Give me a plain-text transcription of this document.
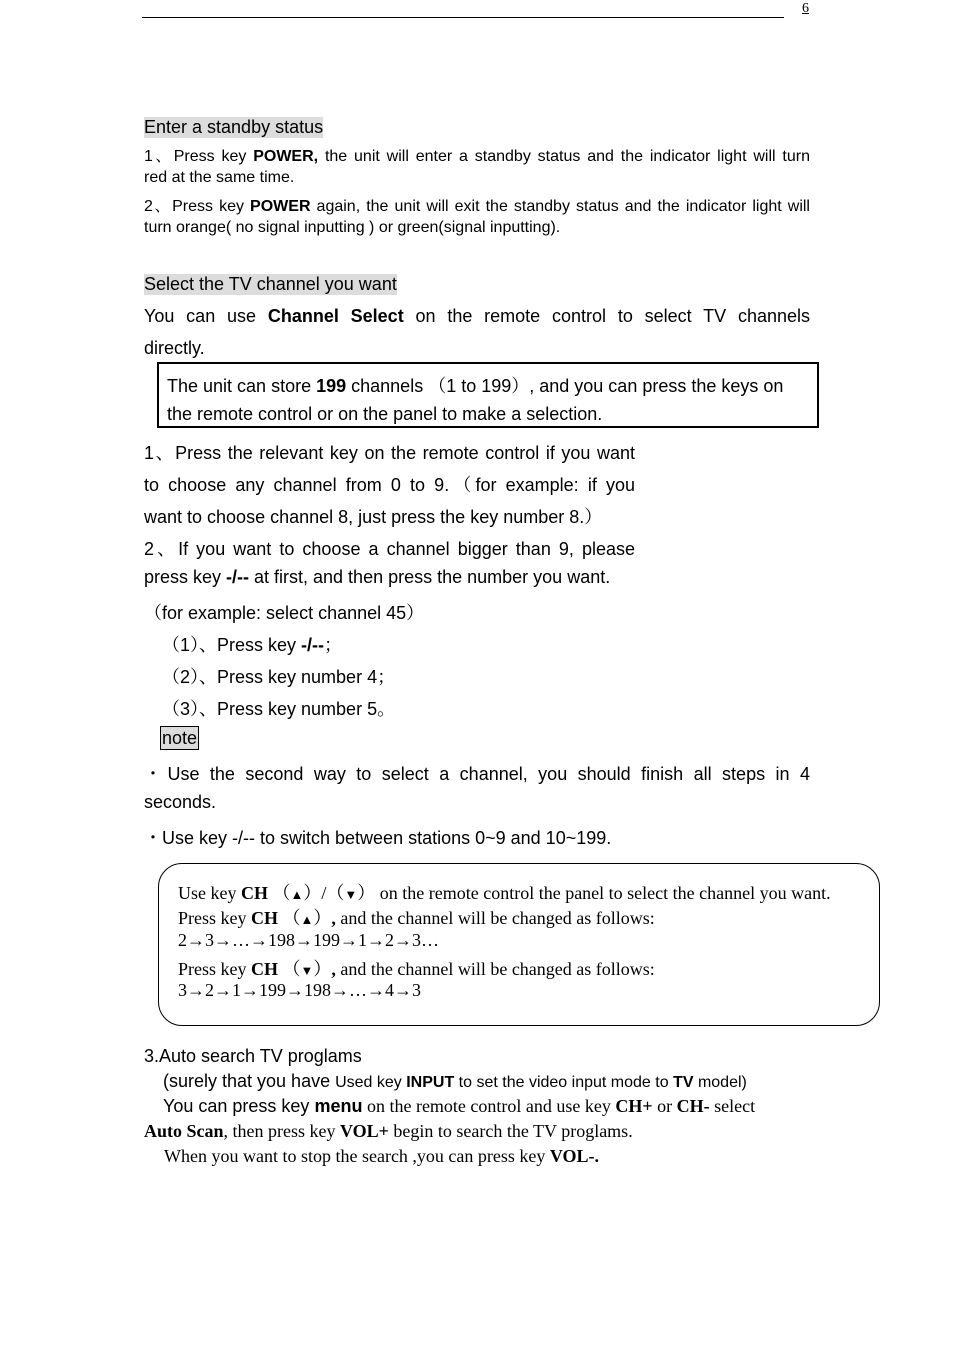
6
Enter a standby status
1、Press key POWER, the unit will enter a standby status and the indicator light will turn
red at the same time.
2、Press key POWER again, the unit will exit the standby status and the indicator light will
turn orange( no signal inputting ) or green(signal inputting).
Select the TV channel you want
You can use Channel Select on the remote control to select TV channels
directly.
The unit can store 199 channels （1 to 199）, and you can press the keys on
the remote control or on the panel to make a selection.
1、Press the relevant key on the remote control if you want
to choose any channel from 0 to 9.（for example: if you
want to choose channel 8, just press the key number 8.）
2、If you want to choose a channel bigger than 9, please
press key -/-- at first, and then press the number you want.
（for example: select channel 45）
（1）、Press key -/--；
（2）、Press key number 4；
（3）、Press key number 5。
note
・Use the second way to select a channel, you should finish all steps in 4
seconds.
・Use key -/-- to switch between stations 0~9 and 10~199.
Use key CH （▲）/（▼） on the remote control the panel to select the channel you want.
Press key CH （▲）, and the channel will be changed as follows:
2→3→…→198→199→1→2→3…
Press key CH （▼）, and the channel will be changed as follows:
3→2→1→199→198→…→4→3
3.Auto search TV proglams
(surely that you have Used key INPUT to set the video input mode to TV model)
You can press key menu on the remote control and use key CH+ or CH- select
Auto Scan, then press key VOL+ begin to search the TV proglams.
When you want to stop the search ,you can press key VOL-.
